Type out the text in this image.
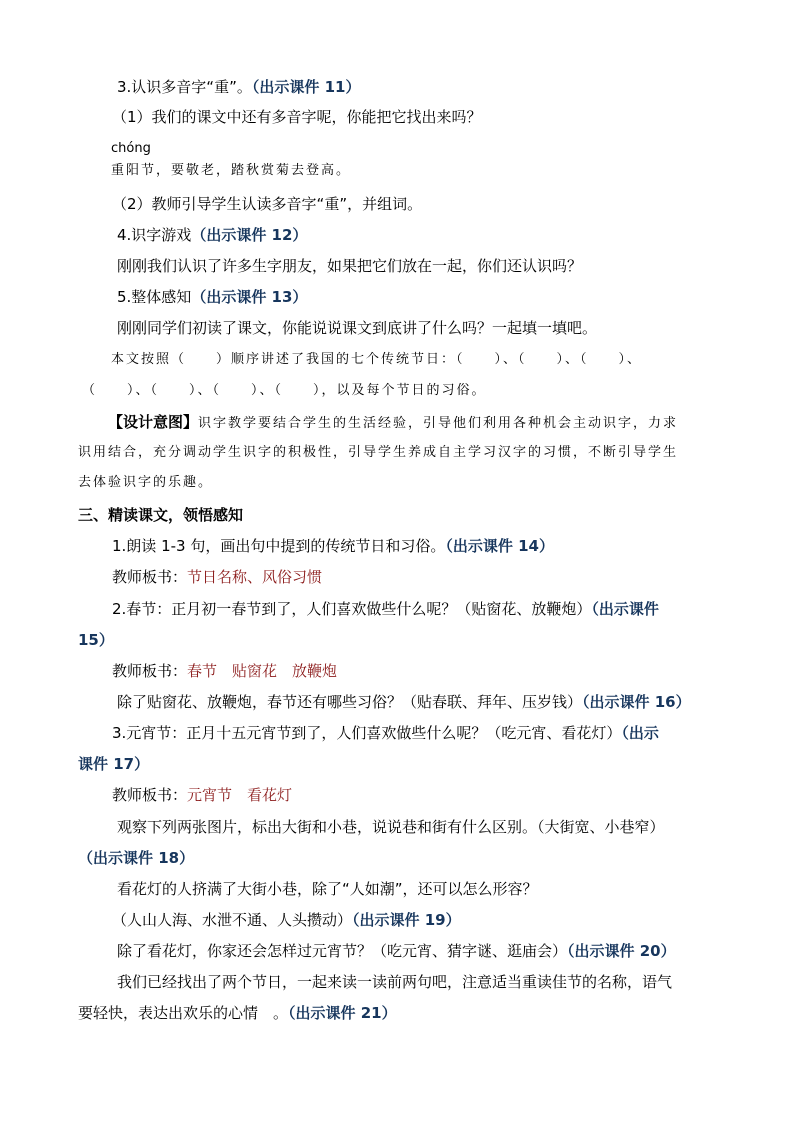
3.认识多音字“重”。（出示课件 11）
（1）我们的课文中还有多音字呢，你能把它找出来吗？
chóng
重阳节，要敬老，踏秋赏菊去登高。
（2）教师引导学生认读多音字“重”，并组词。
4.识字游戏（出示课件 12）
刚刚我们认识了许多生字朋友，如果把它们放在一起，你们还认识吗？
5.整体感知（出示课件 13）
刚刚同学们初读了课文，你能说说课文到底讲了什么吗？一起填一填吧。
本文按照（　　）顺序讲述了我国的七个传统节日：（　　）、（　　）、（　　）、
（　　）、（　　）、（　　）、（　　），以及每个节日的习俗。
【设计意图】识字教学要结合学生的生活经验，引导他们利用各种机会主动识字，力求
识用结合，充分调动学生识字的积极性，引导学生养成自主学习汉字的习惯，不断引导学生
去体验识字的乐趣。
三、精读课文，领悟感知
1.朗读 1-3 句，画出句中提到的传统节日和习俗。（出示课件 14）
教师板书：节日名称、风俗习惯
2.春节：正月初一春节到了，人们喜欢做些什么呢？（贴窗花、放鞭炮）（出示课件
15）
教师板书：春节　贴窗花　放鞭炮
除了贴窗花、放鞭炮，春节还有哪些习俗？（贴春联、拜年、压岁钱）（出示课件 16）
3.元宵节：正月十五元宵节到了，人们喜欢做些什么呢？（吃元宵、看花灯）（出示
课件 17）
教师板书：元宵节　看花灯
观察下列两张图片，标出大街和小巷，说说巷和街有什么区别。（大街宽、小巷窄）
（出示课件 18）
看花灯的人挤满了大街小巷，除了“人如潮”，还可以怎么形容？
（人山人海、水泄不通、人头攒动）（出示课件 19）
除了看花灯，你家还会怎样过元宵节？（吃元宵、猜字谜、逛庙会）（出示课件 20）
我们已经找出了两个节日，一起来读一读前两句吧，注意适当重读佳节的名称，语气
要轻快，表达出欢乐的心情　。（出示课件 21）
